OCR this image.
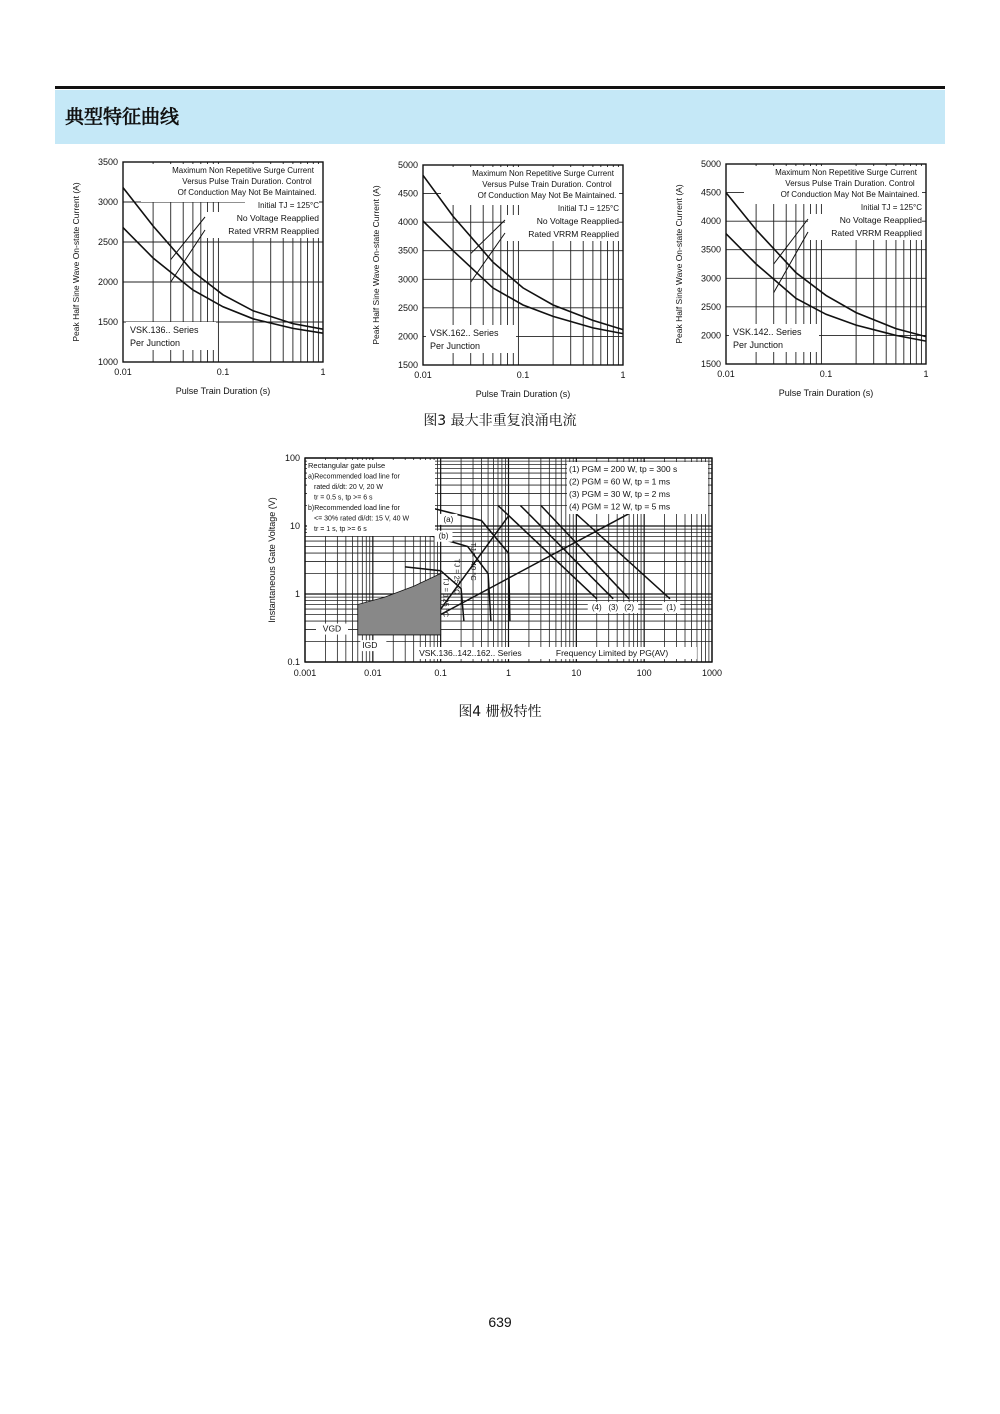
典型特征曲线
1000
1500
2000
2500
3000
3500
0.01	0.1	1
Pulse Train Duration (s)
Peak Half Sine Wave On-state Current (A)
Maximum Non Repetitive Surge Current
Versus Pulse Train Duration. Control
Of Conduction May Not Be Maintained.
Initial TJ = 125°C
No Voltage Reapplied
Rated VRRM Reapplied
VSK.136.. Series
Per Junction
1500
2000
2500
3000
3500
4000
4500
5000
0.01	0.1	1
Pulse Train Duration (s)
Peak Half Sine Wave On-state Current (A)
Maximum Non Repetitive Surge Current
Versus Pulse Train Duration. Control
Of Conduction May Not Be Maintained.
Initial TJ = 125°C
No Voltage Reapplied
Rated VRRM Reapplied
VSK.162.. Series
Per Junction
1500
2000
2500
3000
3500
4000
4500
5000
0.01	0.1	1
Pulse Train Duration (s)
Peak Half Sine Wave On-state Current (A)
Maximum Non Repetitive Surge Current
Versus Pulse Train Duration. Control
Of Conduction May Not Be Maintained.
Initial TJ = 125°C
No Voltage Reapplied
Rated VRRM Reapplied
VSK.142.. Series
Per Junction
图3 最大非重复浪涌电流
0.001	0.01	0.1	1	10	100	1000
0.1
1
10
100
Instantaneous Gate Voltage (V)
Rectangular gate pulse
a)Recommended load line for
rated di/dt: 20 V, 20 W
tr = 0.5 s, tp >= 6 s
b)Recommended load line for
<= 30% rated di/dt: 15 V, 40 W
tr = 1 s, tp >= 6 s
(1) PGM = 200 W, tp = 300 s
(2) PGM = 60 W, tp = 1 ms
(3) PGM = 30 W, tp = 2 ms
(4) PGM = 12 W, tp = 5 ms
(a)
(b)
(1)
(2)
(3)
(4)
TJ = -40 °C
TJ = 25 °C
TJ = 125 °C
VGD
IGD
VSK.136..142..162.. Series	Frequency Limited by PG(AV)
图4 栅极特性
639
